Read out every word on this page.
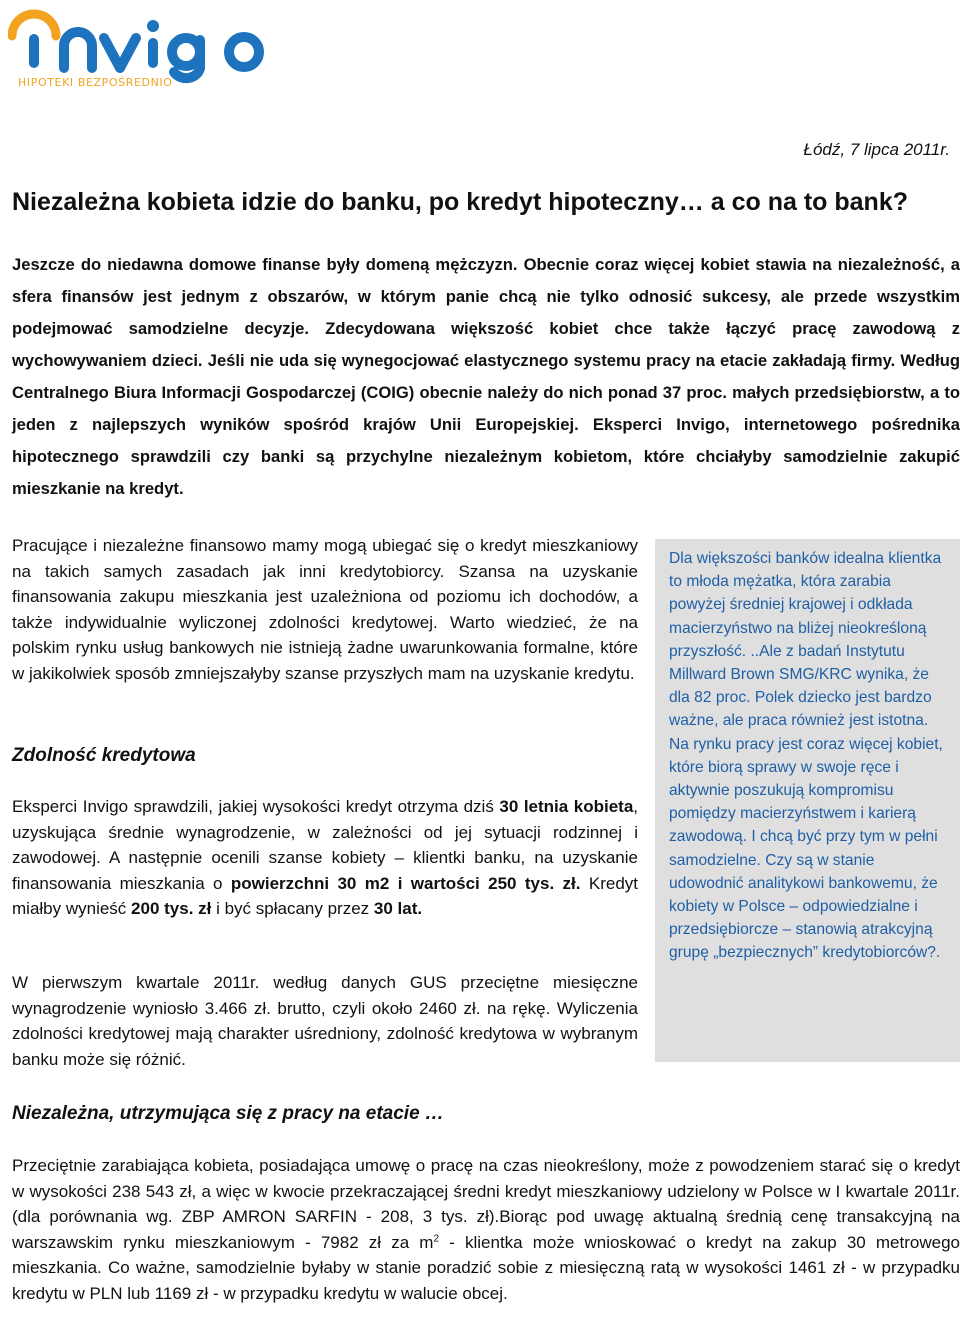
HIPOTEKI BEZPOŚREDNIO
Łódź, 7 lipca 2011r.
Niezależna kobieta idzie do banku, po kredyt hipoteczny… a co na to bank?

Jeszcze do niedawna domowe finanse były domeną mężczyzn. Obecnie coraz więcej kobiet stawia na niezależność, a sfera finansów jest jednym z obszarów, w którym panie chcą nie tylko odnosić sukcesy, ale przede wszystkim podejmować samodzielne decyzje. Zdecydowana większość kobiet chce także łączyć pracę zawodową z wychowywaniem dzieci. Jeśli nie uda się wynegocjować elastycznego systemu pracy na etacie zakładają firmy. Według Centralnego Biura Informacji Gospodarczej (COIG) obecnie należy do nich ponad 37 proc. małych przedsiębiorstw, a to jeden z najlepszych wyników spośród krajów Unii Europejskiej. Eksperci Invigo, internetowego pośrednika hipotecznego sprawdzili czy banki są przychylne niezależnym kobietom, które chciałyby samodzielnie zakupić mieszkanie na kredyt.

Pracujące i niezależne finansowo mamy mogą ubiegać się o kredyt mieszkaniowy na takich samych zasadach jak inni kredytobiorcy. Szansa na uzyskanie finansowania zakupu mieszkania jest uzależniona od poziomu ich dochodów, a także indywidualnie wyliczonej zdolności kredytowej. Warto wiedzieć, że na polskim rynku usług bankowych nie istnieją żadne uwarunkowania formalne, które w jakikolwiek sposób zmniejszałyby szanse przyszłych mam na uzyskanie kredytu.

Zdolność kredytowa

Eksperci Invigo sprawdzili, jakiej wysokości kredyt otrzyma dziś 30 letnia kobieta, uzyskująca średnie wynagrodzenie, w zależności od jej sytuacji rodzinnej i zawodowej. A następnie ocenili szanse kobiety – klientki banku, na uzyskanie finansowania mieszkania o powierzchni 30 m2 i wartości 250 tys. zł. Kredyt miałby wynieść 200 tys. zł i być spłacany przez 30 lat.

W pierwszym kwartale 2011r. według danych GUS przeciętne miesięczne wynagrodzenie wyniosło 3.466 zł. brutto, czyli około 2460 zł. na rękę. Wyliczenia zdolności kredytowej mają charakter uśredniony, zdolność kredytowa w wybranym banku może się różnić.

Niezależna, utrzymująca się z pracy na etacie …

Przeciętnie zarabiająca kobieta, posiadająca umowę o pracę na czas nieokreślony, może z powodzeniem starać się o kredyt w wysokości 238 543 zł, a więc w kwocie przekraczającej średni kredyt mieszkaniowy udzielony w Polsce w I kwartale 2011r. (dla porównania wg. ZBP AMRON SARFIN - 208, 3 tys. zł).Biorąc pod uwagę aktualną średnią cenę transakcyjną na warszawskim rynku mieszkaniowym - 7982 zł za $m^2$ - klientka może wnioskować o kredyt na zakup 30 metrowego mieszkania. Co ważne, samodzielnie byłaby w stanie poradzić sobie z miesięczną ratą w wysokości 1461 zł - w przypadku kredytu w PLN lub 1169 zł - w przypadku kredytu w walucie obcej.

Dla większości banków idealna klientka to młoda mężatka, która zarabia powyżej średniej krajowej i odkłada macierzyństwo na bliżej nieokreśloną przyszłość. ..Ale z badań Instytutu Millward Brown SMG/KRC wynika, że dla 82 proc. Polek dziecko jest bardzo ważne, ale praca również jest istotna. Na rynku pracy jest coraz więcej kobiet, które biorą sprawy w swoje ręce i aktywnie poszukują kompromisu pomiędzy macierzyństwem i karierą zawodową. I chcą być przy tym w pełni samodzielne. Czy są w stanie udowodnić analitykowi bankowemu, że kobiety w Polsce – odpowiedzialne i przedsiębiorcze – stanowią atrakcyjną grupę „bezpiecznych” kredytobiorców?.
